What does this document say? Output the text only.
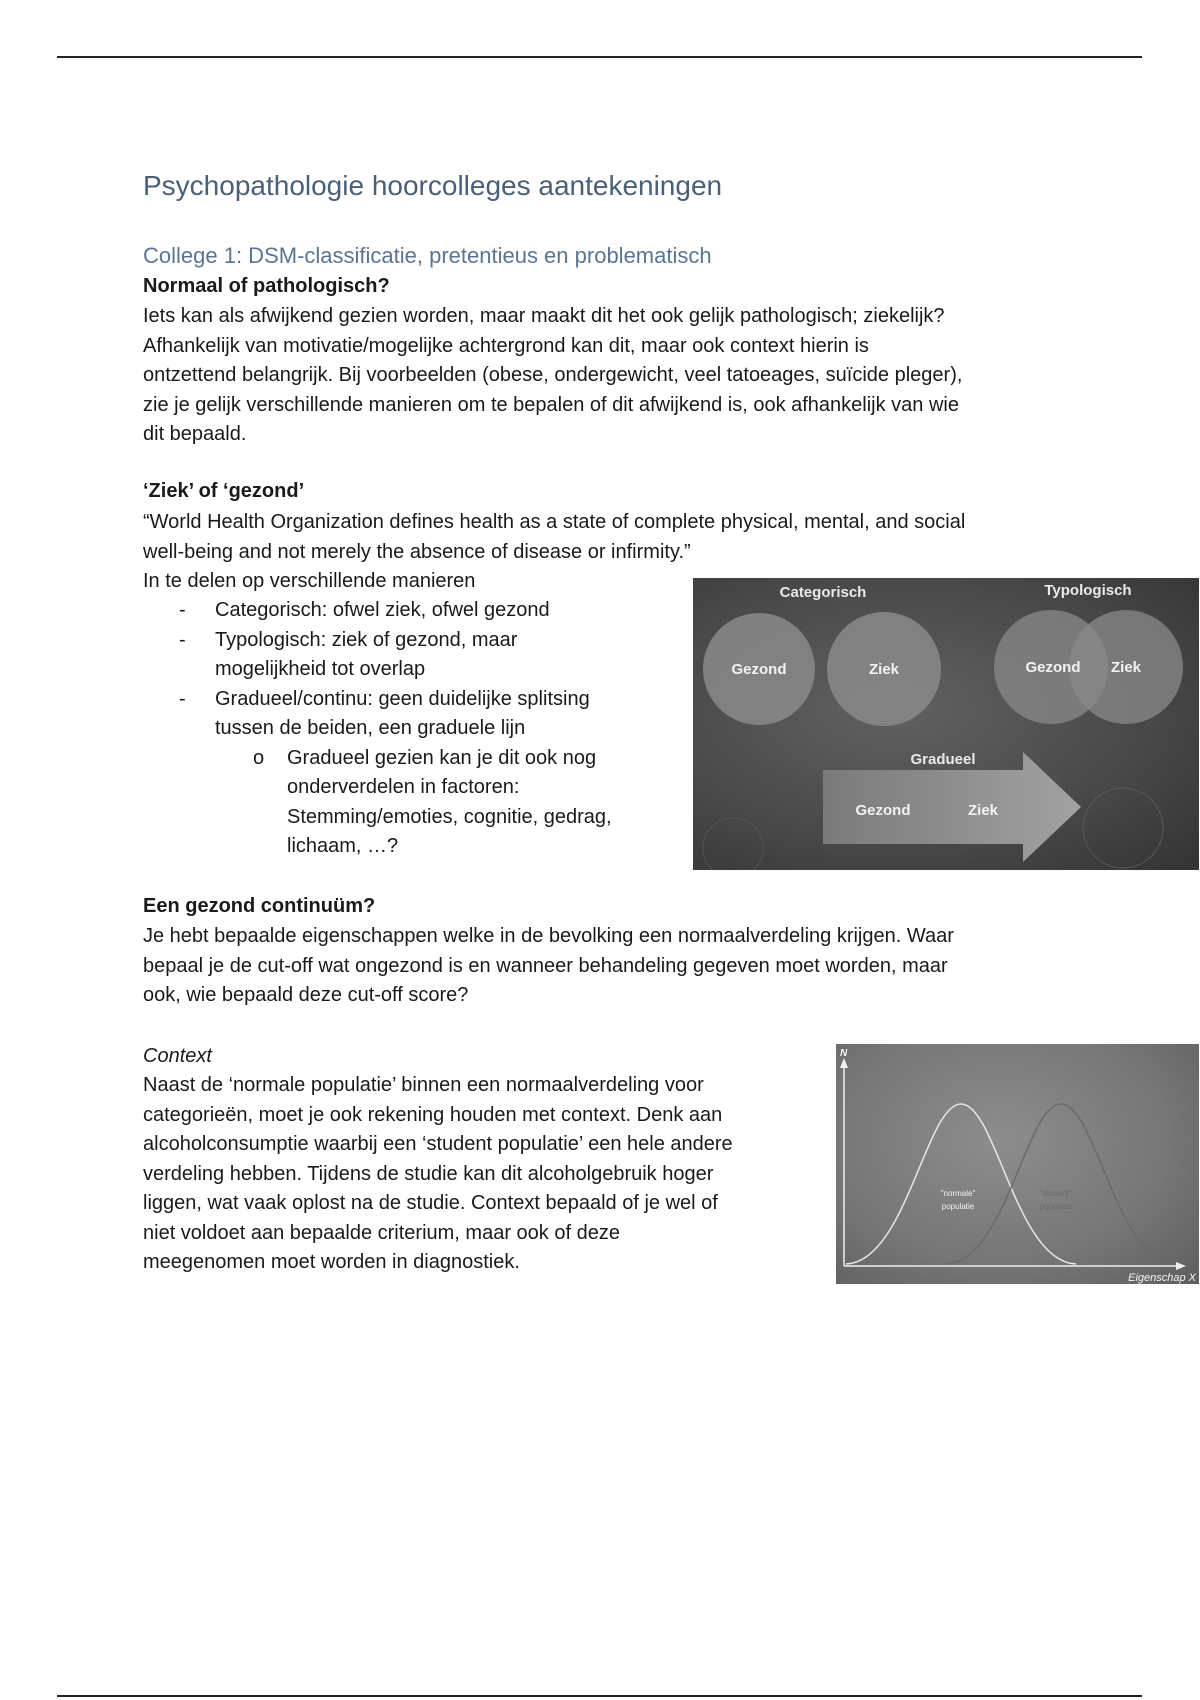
Psychopathologie hoorcolleges aantekeningen
College 1: DSM-classificatie, pretentieus en problematisch
Normaal of pathologisch?
Iets kan als afwijkend gezien worden, maar maakt dit het ook gelijk pathologisch; ziekelijk?
Afhankelijk van motivatie/mogelijke achtergrond kan dit, maar ook context hierin is
ontzettend belangrijk. Bij voorbeelden (obese, ondergewicht, veel tatoeages, suïcide pleger),
zie je gelijk verschillende manieren om te bepalen of dit afwijkend is, ook afhankelijk van wie
dit bepaald.
‘Ziek’ of ‘gezond’
“World Health Organization defines health as a state of complete physical, mental, and social
well-being and not merely the absence of disease or infirmity.”
In te delen op verschillende manieren
- Categorisch: ofwel ziek, ofwel gezond
- Typologisch: ziek of gezond, maar
mogelijkheid tot overlap
- Gradueel/continu: geen duidelijke splitsing
tussen de beiden, een graduele lijn
o Gradueel gezien kan je dit ook nog
onderverdelen in factoren:
Stemming/emoties, cognitie, gedrag,
lichaam, …?
Een gezond continuüm?
Je hebt bepaalde eigenschappen welke in de bevolking een normaalverdeling krijgen. Waar
bepaal je de cut-off wat ongezond is en wanneer behandeling gegeven moet worden, maar
ook, wie bepaald deze cut-off score?
Context
Naast de ‘normale populatie’ binnen een normaalverdeling voor
categorieën, moet je ook rekening houden met context. Denk aan
alcoholconsumptie waarbij een ‘student populatie’ een hele andere
verdeling hebben. Tijdens de studie kan dit alcoholgebruik hoger
liggen, wat vaak oplost na de studie. Context bepaald of je wel of
niet voldoet aan bepaalde criterium, maar ook of deze
meegenomen moet worden in diagnostiek.
Categorisch	Typologisch
Gezond	Ziek	Gezond Ziek
Gradueel
Gezond	Ziek
N
Eigenschap X
"normale"
populatie
"student"
populatie
